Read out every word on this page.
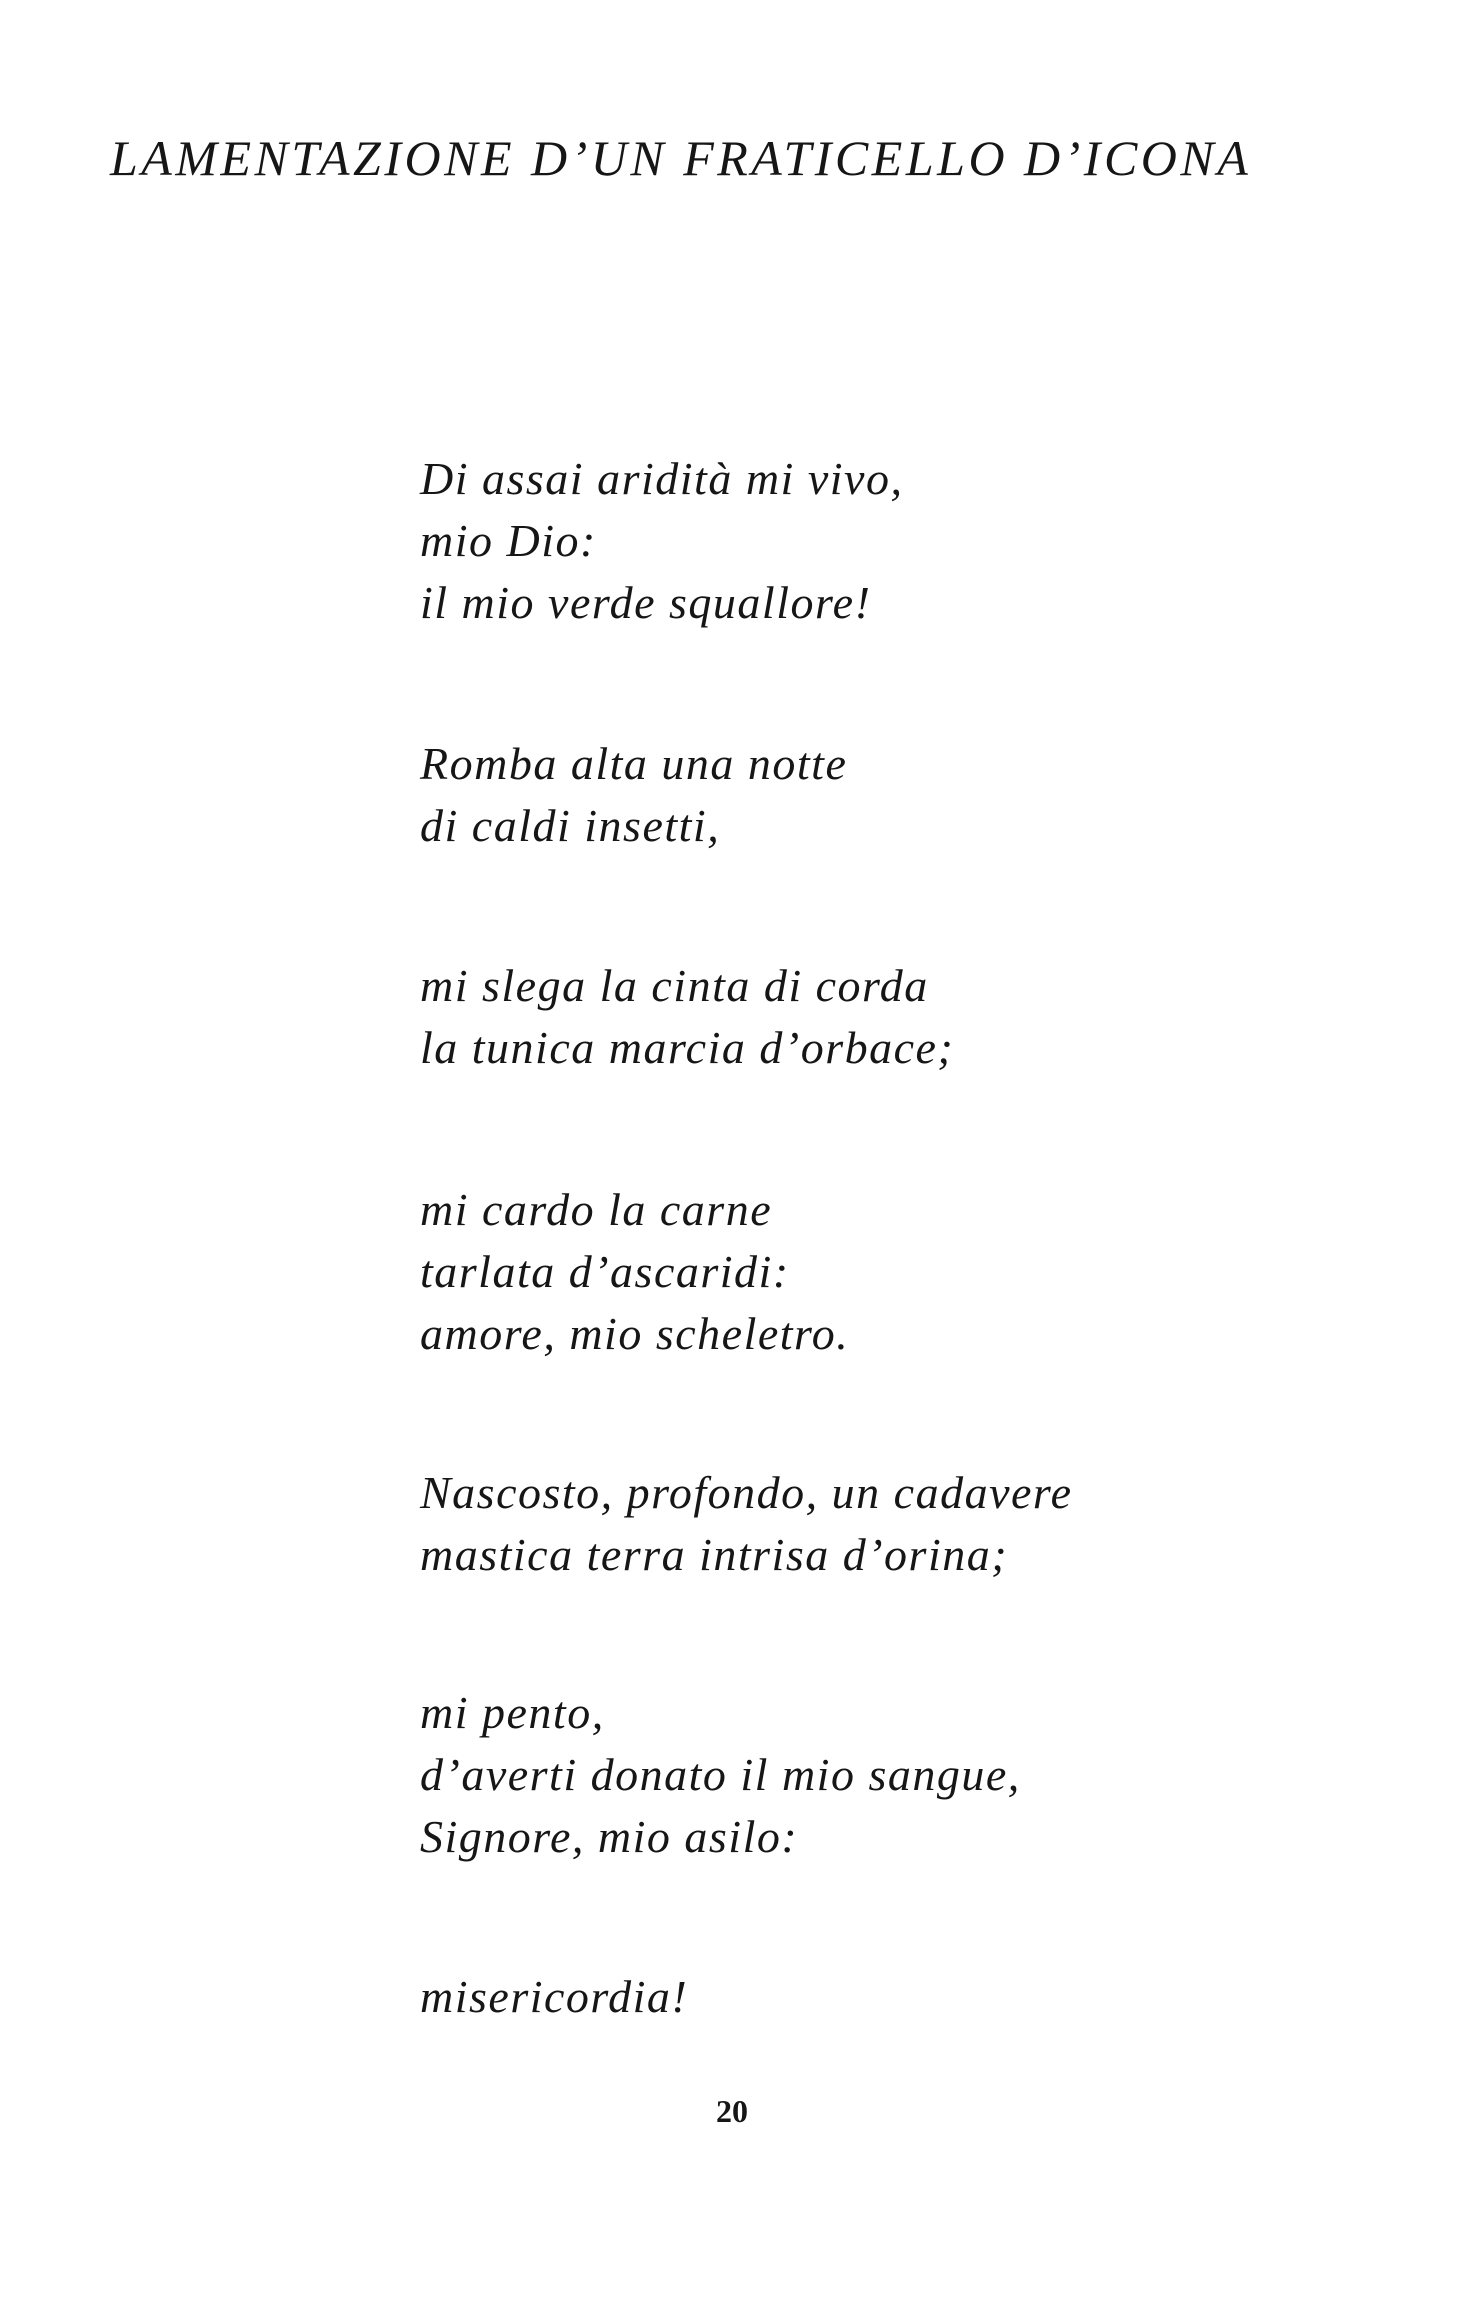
LAMENTAZIONE D’UN FRATICELLO D’ICONA

Di assai aridità mi vivo,
mio Dio:
il mio verde squallore!

Romba alta una notte
di caldi insetti,

mi slega la cinta di corda
la tunica marcia d’orbace;

mi cardo la carne
tarlata d’ascaridi:
amore, mio scheletro.

Nascosto, profondo, un cadavere
mastica terra intrisa d’orina;

mi pento,
d’averti donato il mio sangue,
Signore, mio asilo:

misericordia!

20
